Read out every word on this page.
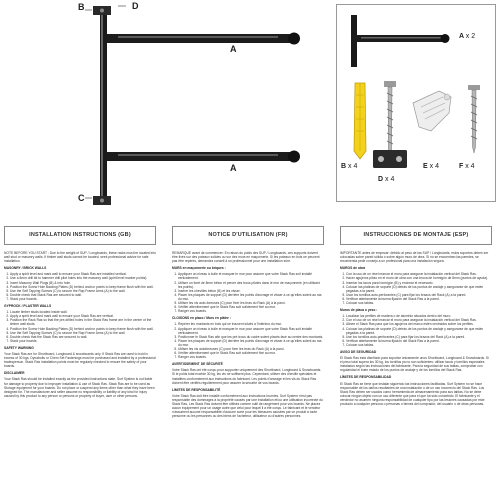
B	D
A
C
A
A x 2
B x 4	E x 4	F x 4
D x 4
INSTALLATION INSTRUCTIONS (GB)

NOTE BEFORE YOU START : Due to the weight of SUP / Longboards, these racks must be located into wall stud or masonry walls. If timber wall studs cannot be located, seek professional advice for safe installation.

MASONRY / BRICK WALLS
1. Apply a spirit level and mark wall to ensure your Stack Ras are installed vertical.
2. Use a 8mm drill bit to hammer drill pilot holes into the masonry wall (spirit level marker points).
3. Insert Masonry Wall Plugs (B) & into hole.
4. Position the Screw Hole Backing Plates (D) behind anchor points to keep frame flush with the wall.
5. Use the Self Tapping Screws (C) to secure the Rap Frame Arms (A) to the wall.
6. Double check that Stack Ras are secured to wall.
7. Stack your boards.
GYPROCK / PLASTER WALLS
1. Locate timber studs located inside wall.
2. Apply a spirit level and mark wall to ensure your Stack Ras are vertical.
3. Position the Rack Ras so that the pre-drilled holes in the Stack Ras frame are in the centre of the timber wall studs.
4. Position the Screw Hole Backing Plates (D) behind anchor points to keep frame flush with the wall.
5. Use the Self Tapping Screws (C) to secure the Rap Frame Arms (A) to the wall.
6. Double check that the Stack Ras are secured to wall.
7. Stack your boards.
SAFETY WARNING

Your Stack Ras are for Shortboard, Longboard & snowboards only. If Stack Ras are used to hold in excess of 30 kgs, Dynabolts or Chem Set Fastenings must be purchased and installed by a professional tradesperson. Stack Ras installation points must be regularly checked to ensure the safety of your boards.

DISCLAIMER

Your Stack Ras should be installed exactly as the provided instructions state. Surf System is not liable for damage to property due to improper installation & use of Stack Ras. Stack Ras are to be used as Storage equipment for your boards. Do not place or suspend any items other than what they have been designed for. The manufacturer and seller assume no responsibility or liability of any kind for injury caused by this product to any person or persons or property of buyer, user or other persons.

NOTICE D'UTILISATION (FR)

REMARQUE avant de commencer: En raison du poids des SUP / Longboards, ces supports doivent être fixés sur des poteaux solides ou sur des murs en maçonnerie. Si les poteaux en bois ne peuvent pas être repérés, demandez conseil à un professionnel pour une installation sûre.

MURS en maçonnerie ou briques :
1. Appliquer un niveau à bulle et marquer le mur pour assurer que votre Stack Ras soit installé verticalement.
2. Utiliser un foret de 8mm béton et percer des trous pilotes dans le mur de maçonnerie (en utilisant les points).
3. Insérer les chevilles béton (B) et les visser.
4. Placer les plaques de support (D) derrière les points d'ancrage et visser à ce qu'elles soient au ras du mur.
5. Utiliser les vis auto-foreuses (C) pour fixer les bras du Rack (A) à la paroi.
6. Vérifier attentivement que le Stack Ras soit solidement fixé au mur.
7. Ranger vos boards.
CLOISONS en placo / Murs en plâtre :
1. Repérer les montants en bois qui se trouvent situés à l'intérieur du mur.
2. Appliquer un niveau à bulle et marquer le mur pour assurer que votre Stack Ras soit installé verticalement.
3. Positionner le Stack Ras afin que les pré-trous du cadre soient placés face au centre des montants.
4. Placer les plaques de support (D) derrière les points d'ancrage et visser à ce qu'elles soient au ras du mur.
5. Utiliser les vis autoforeuses (C) pour fixer les bras du Rack (A) à la paroi.
6. Vérifier attentivement que le Stack Ras soit solidement fixé au mur.
7. Ranger vos boards.
AVERTISSEMENT DE SÉCURITÉ

Votre Stack Ras ont été conçu pour supporter uniquement des Shortboard, Longboard & Snowboards. Si le poids total excède 30 kg, les vis ne suffisent plus. Cependant, utiliser des cheville spéciales et installées conformément aux instructions du fabricant. Les points d'ancrage et les vis du Stack Ras doivent être vérifiés régulièrement pour assurer la sécurité de vos boards.

LIMITES DE RESPONSABILITÉ

Votre Stack Ras doit être installé conformément aux instructions fournies. Surf System n'est pas responsable des dommages à la propriété causés par une installation et/ou une utilisation incorrecte du Stack Ras. Les Stack Ras doivent être utilisés comme outil de rangement pour vos boards. Ne placez aucun équipement pour un usage autre que celui pour lequel il a été conçu. Le fabricant et le vendeur n'assument aucune responsabilité d'aucune sorte pour les blessures causées par ce produit à toute personne ou les personnes ou des biens de l'acheteur, utilisateur ou d'autres personnes.

INSTRUCCIONES DE MONTAJE (ESP)

IMPORTANTE antes de empezar: debido al peso de las SUP / Longboards, estos soportes deben ser colocadas sobre pared sólida o sobre algún muro de obra. Si no se encuentran las paredes, se recomienda pedir consejo a un profesional para una instalación segura.

MUROS de obra
1. Con la uso de un nivel marcar el muro para asegurar la instalación vertical del Stack Ras.
2. Hacer agujeros piloto en el muro de obra con una broca de hormigón de 8mm (puntos de ayuda).
3. Insertar los tacos para hormigón (B) y encimar el necesario.
4. Colocar las platinas de soporte (D) detrás de los puntos de anclaje y asegurarse de que estén pegadas a la pared.
5. Usar los tornillos auto-perforantes (C) para fijar los brazos del Rack (A) a la pared.
6. Verificar atentamente la buena fijación del Stack Ras a la pared.
7. Colocar sus tablas.
Muros de placa o yeso :
1. Localizar los perfiles de madera o de aluminio situados dentro del muro.
2. Con el uso de un nivel marcar el muro para asegurar la instalación vertical del Stack Ras.
3. Alinee el Stack Ras para que los agujeros del marco estén centrados sobre los perfiles.
4. Colocar las platinas de soporte (D) detrás de los puntos de anclaje y asegurarse de que estén pegadas a la pared.
5. Use los tornillos auto-perforantes (C) para fijar los brazos del Rack (A) a la pared.
6. Verificar atentamente la buena fijación del Stack Ras a la pared.
7. Colocar sus tablas.
AVISO DE SEGURIDAD

El Stack Ras está diseñado para soportar únicamente unos Shortboard, Longboard & Snowboards. Si el peso total supera los 30 kg, los tornillos ya no son suficientes: utilizar tacos y tornillos especiales instalados según las instrucciones del fabricante. Para la seguridad de sus tablas, comprobar con regularidad el buen estado de los puntos de anclaje y de los tornillos del Stack Ras.

LÍMITES DE RESPONSABILIDAD

El Stack Ras se tiene que instalar siguiendo las instrucciones facilitadas. Surf System no se hace responsable de los daños resultantes de una instalación o de un uso incorrecto del Stack Ras. Los Stack Ras deben ser usados como herramienta de almacenamiento para sus tablas. No se debe colocar ningún objeto con un uso diferente que para el que ha sido concebido. El fabricante y el vendedor no asumen ninguna responsabilidad de cualquier tipo por las lesiones causadas por este producto a cualquier persona o personas o bienes del comprador, del usuario o de otras personas.
